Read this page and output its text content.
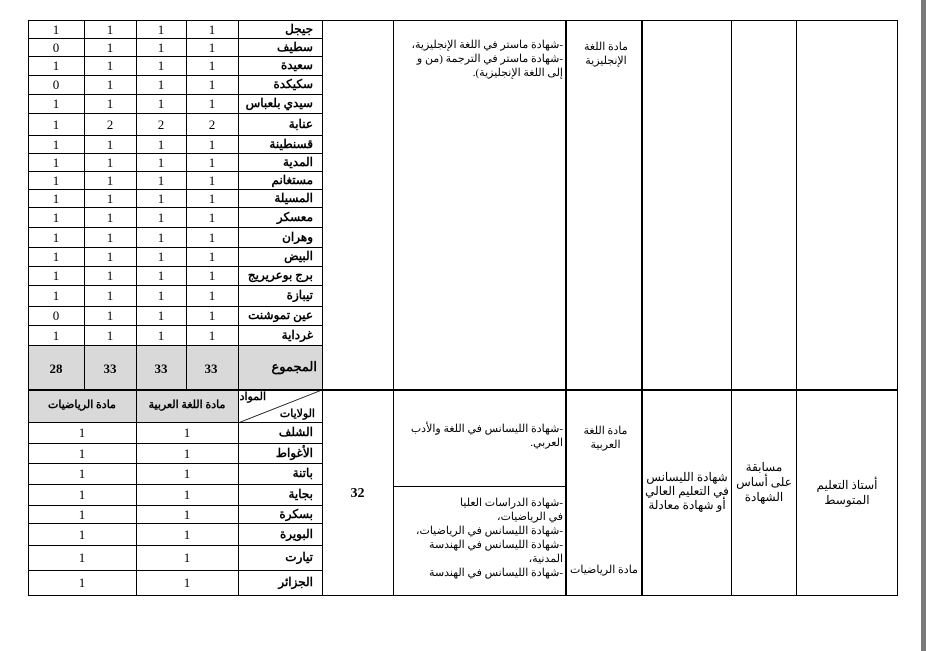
جيجل
1
1
1
1
سطيف
1
1
1
0
سعيدة
1
1
1
1
سكيكدة
1
1
1
0
سيدي بلعباس
1
1
1
1
عنابة
2
2
2
1
قسنطينة
1
1
1
1
المدية
1
1
1
1
مستغانم
1
1
1
1
المسيلة
1
1
1
1
معسكر
1
1
1
1
وهران
1
1
1
1
البيض
1
1
1
1
برج بوعريريج
1
1
1
1
تيبازة
1
1
1
1
عين تموشنت
1
1
1
0
غرداية
1
1
1
1
المجموع
33
33
33
28
الشلف
1
1
الأغواط
1
1
باتنة
1
1
بجاية
1
1
بسكرة
1
1
البويرة
1
1
تيارت
1
1
الجزائر
1
1
المواد
الولايات
مادة اللغة العربية
مادة الرياضيات
-شهادة ماستر في اللغة الإنجليزية،
-شهادة ماستر في الترجمة (من و
إلى اللغة الإنجليزية).
مادة اللغة الإنجليزية
-شهادة الليسانس في اللغة والأدب
العربي.
مادة اللغة العربية
-شهادة الدراسات العليا
في الرياضيات،
-شهادة الليسانس في الرياضيات،
-شهادة الليسانس في الهندسة المدنية،
-شهادة الليسانس في الهندسة مادة الرياضيات
32
شهادة الليسانس
في التعليم العالي
أو شهادة معادلة
مسابقة
على أساس
الشهادة
أستاذ التعليم
المتوسط
